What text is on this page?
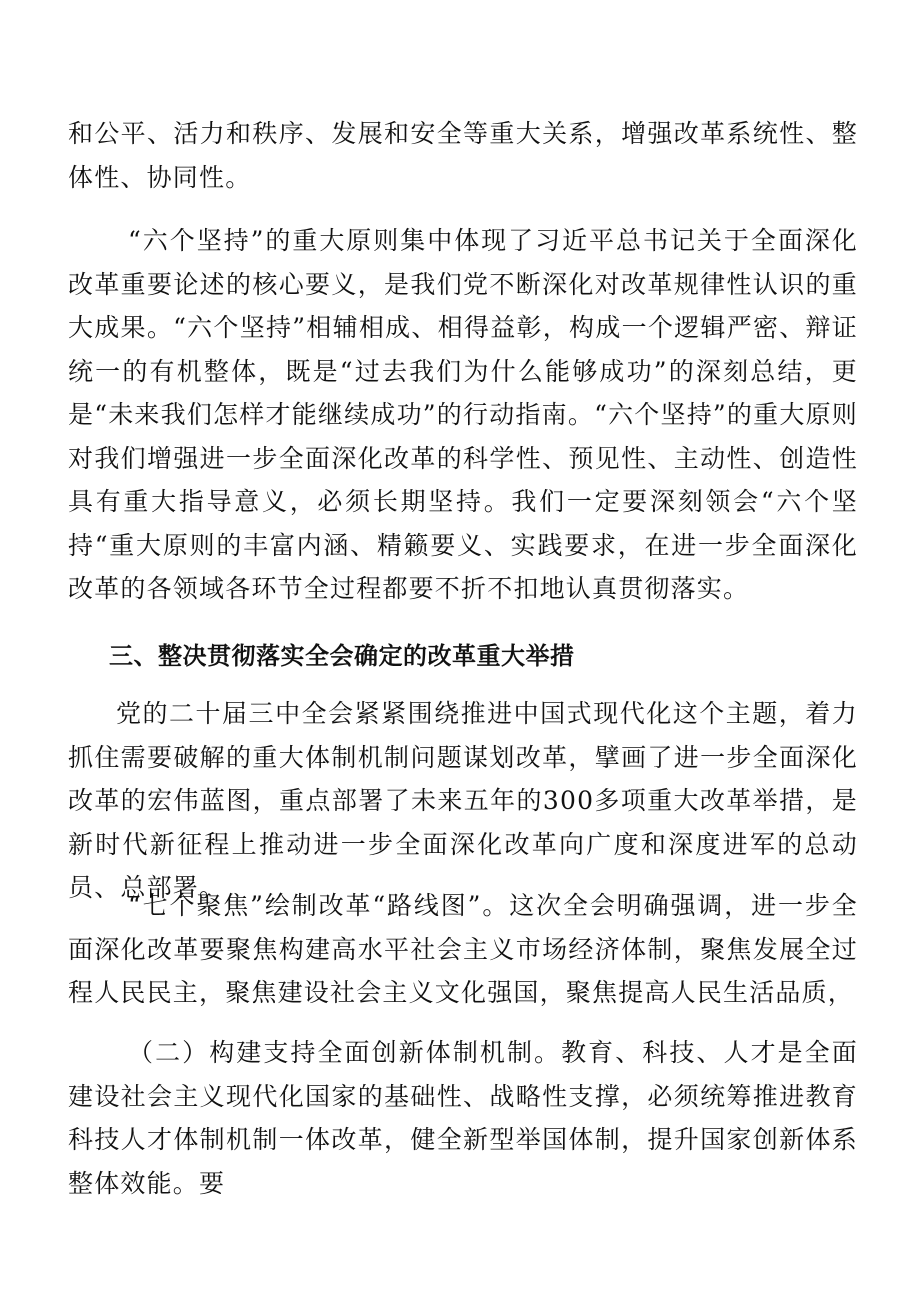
和公平、活力和秩序、发展和安全等重大关系，增强改革系统性、整体性、协同性。

“六个坚持”的重大原则集中体现了习近平总书记关于全面深化改革重要论述的核心要义，是我们党不断深化对改革规律性认识的重大成果。“六个坚持”相辅相成、相得益彰，构成一个逻辑严密、辩证统一的有机整体，既是“过去我们为什么能够成功”的深刻总结，更是“未来我们怎样才能继续成功”的行动指南。“六个坚持”的重大原则对我们增强进一步全面深化改革的科学性、预见性、主动性、创造性具有重大指导意义，必须长期坚持。我们一定要深刻领会“六个坚持“重大原则的丰富内涵、精籁要义、实践要求，在进一步全面深化改革的各领域各环节全过程都要不折不扣地认真贯彻落实。

三、整决贯彻落实全会确定的改革重大举措

党的二十届三中全会紧紧围绕推进中国式现代化这个主题，着力抓住需要破解的重大体制机制问题谋划改革，擘画了进一步全面深化改革的宏伟蓝图，重点部署了未来五年的300多项重大改革举措，是新时代新征程上推动进一步全面深化改革向广度和深度进军的总动员、总部署。

“七个聚焦”绘制改革“路线图”。这次全会明确强调，进一步全面深化改革要聚焦构建高水平社会主义市场经济体制，聚焦发展全过程人民民主，聚焦建设社会主义文化强国，聚焦提高人民生活品质，

（二）构建支持全面创新体制机制。教育、科技、人才是全面建设社会主义现代化国家的基础性、战略性支撑，必须统筹推进教育科技人才体制机制一体改革，健全新型举国体制，提升国家创新体系整体效能。要
